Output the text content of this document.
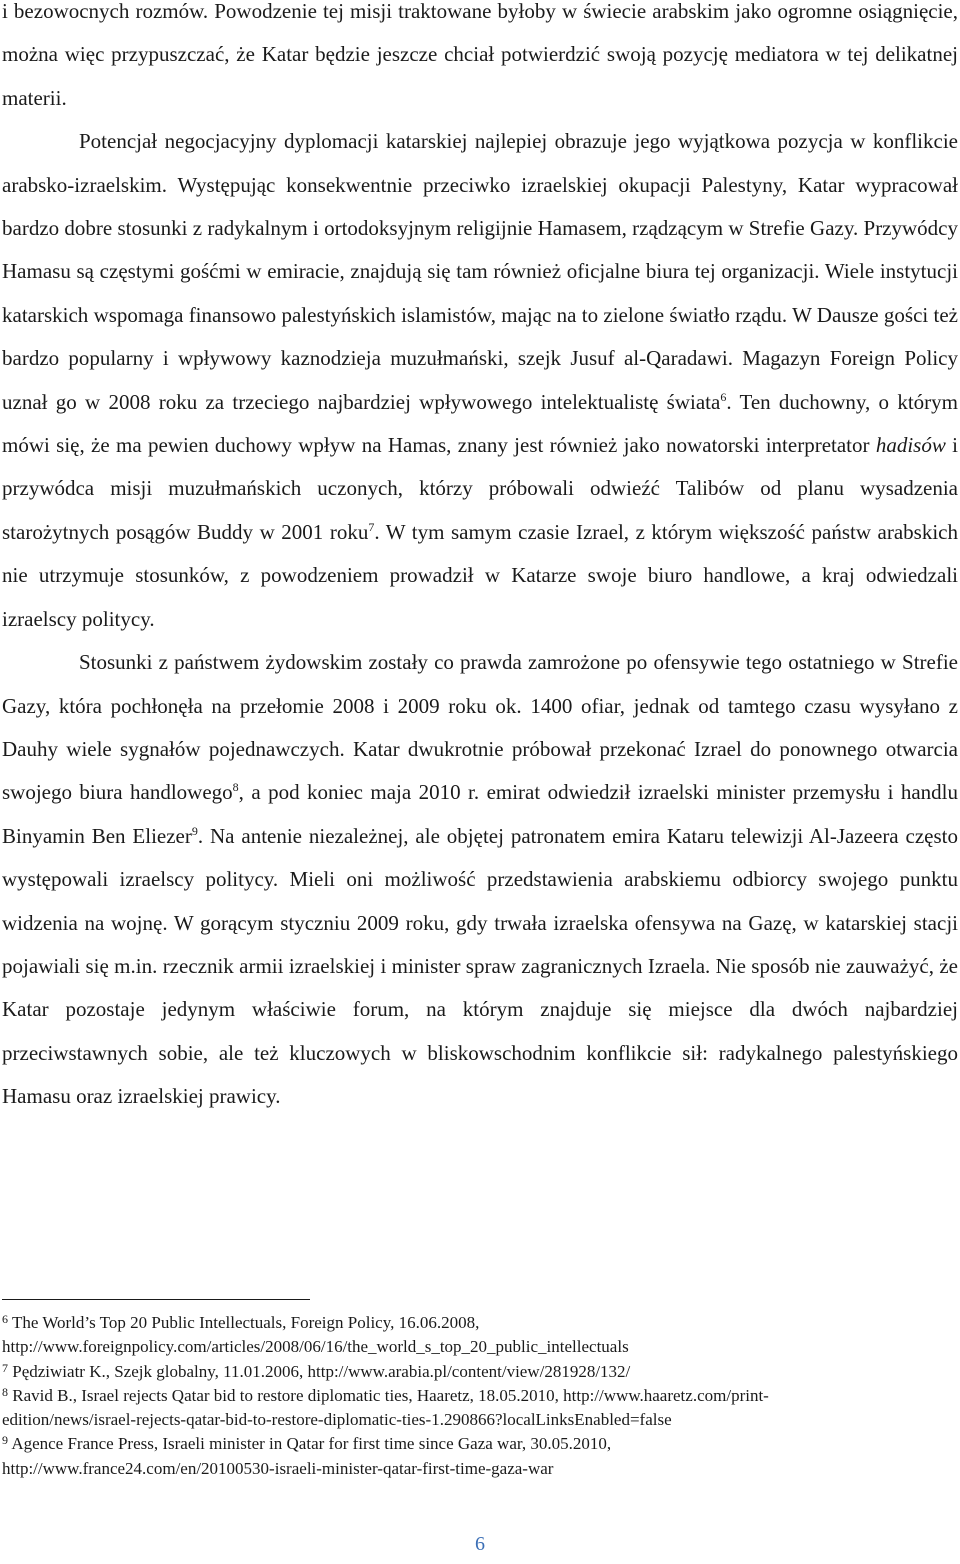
i bezowocnych rozmów. Powodzenie tej misji traktowane byłoby w świecie arabskim jako ogromne osiągnięcie, można więc przypuszczać, że Katar będzie jeszcze chciał potwierdzić swoją pozycję mediatora w tej delikatnej materii.

Potencjał negocjacyjny dyplomacji katarskiej najlepiej obrazuje jego wyjątkowa pozycja w konflikcie arabsko-izraelskim. Występując konsekwentnie przeciwko izraelskiej okupacji Palestyny, Katar wypracował bardzo dobre stosunki z radykalnym i ortodoksyjnym religijnie Hamasem, rządzącym w Strefie Gazy. Przywódcy Hamasu są częstymi gośćmi w emiracie, znajdują się tam również oficjalne biura tej organizacji. Wiele instytucji katarskich wspomaga finansowo palestyńskich islamistów, mając na to zielone światło rządu. W Dausze gości też bardzo popularny i wpływowy kaznodzieja muzułmański, szejk Jusuf al-Qaradawi. Magazyn Foreign Policy uznał go w 2008 roku za trzeciego najbardziej wpływowego intelektualistę świata$^6$. Ten duchowny, o którym mówi się, że ma pewien duchowy wpływ na Hamas, znany jest również jako nowatorski interpretator hadisów i przywódca misji muzułmańskich uczonych, którzy próbowali odwieźć Talibów od planu wysadzenia starożytnych posągów Buddy w 2001 roku$^7$. W tym samym czasie Izrael, z którym większość państw arabskich nie utrzymuje stosunków, z powodzeniem prowadził w Katarze swoje biuro handlowe, a kraj odwiedzali izraelscy politycy.

Stosunki z państwem żydowskim zostały co prawda zamrożone po ofensywie tego ostatniego w Strefie Gazy, która pochłonęła na przełomie 2008 i 2009 roku ok. 1400 ofiar, jednak od tamtego czasu wysyłano z Dauhy wiele sygnałów pojednawczych. Katar dwukrotnie próbował przekonać Izrael do ponownego otwarcia swojego biura handlowego$^8$, a pod koniec maja 2010 r. emirat odwiedził izraelski minister przemysłu i handlu Binyamin Ben Eliezer$^9$. Na antenie niezależnej, ale objętej patronatem emira Kataru telewizji Al-Jazeera często występowali izraelscy politycy. Mieli oni możliwość przedstawienia arabskiemu odbiorcy swojego punktu widzenia na wojnę. W gorącym styczniu 2009 roku, gdy trwała izraelska ofensywa na Gazę, w katarskiej stacji pojawiali się m.in. rzecznik armii izraelskiej i minister spraw zagranicznych Izraela. Nie sposób nie zauważyć, że Katar pozostaje jedynym właściwie forum, na którym znajduje się miejsce dla dwóch najbardziej przeciwstawnych sobie, ale też kluczowych w bliskowschodnim konflikcie sił: radykalnego palestyńskiego Hamasu oraz izraelskiej prawicy.

$^6$ The World’s Top 20 Public Intellectuals, Foreign Policy, 16.06.2008,
http://www.foreignpolicy.com/articles/2008/06/16/the_world_s_top_20_public_intellectuals
$^7$ Pędziwiatr K., Szejk globalny, 11.01.2006, http://www.arabia.pl/content/view/281928/132/
$^8$ Ravid B., Israel rejects Qatar bid to restore diplomatic ties, Haaretz, 18.05.2010, http://www.haaretz.com/print-
edition/news/israel-rejects-qatar-bid-to-restore-diplomatic-ties-1.290866?localLinksEnabled=false
$^9$ Agence France Press, Israeli minister in Qatar for first time since Gaza war, 30.05.2010,
http://www.france24.com/en/20100530-israeli-minister-qatar-first-time-gaza-war
6
